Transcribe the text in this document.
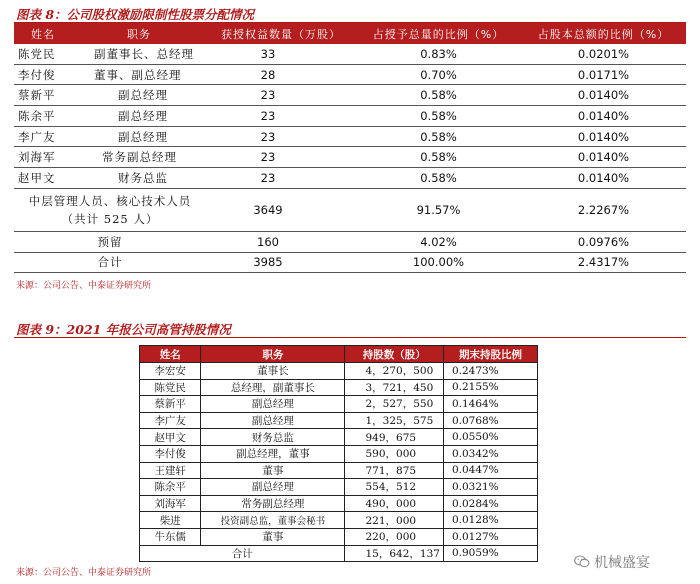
图表 8：公司股权激励限制性股票分配情况
姓名	职务	获授权益数量（万股）	占授予总量的比例（%）	占股本总额的比例（%）
陈党民	副董事长、总经理	33	0.83%	0.0201%
李付俊	董事、副总经理	28	0.70%	0.0171%
蔡新平	副总经理	23	0.58%	0.0140%
陈余平	副总经理	23	0.58%	0.0140%
李广友	副总经理	23	0.58%	0.0140%
刘海军	常务副总经理	23	0.58%	0.0140%
赵甲文	财务总监	23	0.58%	0.0140%

中层管理人员、核心技术人员
（共计 525 人）		3649	91.57%	2.2267%
预留		160	4.02%	0.0976%
合计		3985	100.00%	2.4317%
来源：公司公告、中泰证券研究所
图表 9：2021 年报公司高管持股情况
姓名	职务	持股数（股）	期末持股比例
李宏安	董事长	4，270，500	0.2473%
陈党民	总经理，副董事长	3，721，450	0.2155%
蔡新平	副总经理	2，527，550	0.1464%
李广友	副总经理	1，325，575	0.0768%
赵甲文	财务总监	949，675	0.0550%
李付俊	副总经理，董事	590，000	0.0342%
王建轩	董事	771，875	0.0447%
陈余平	副总经理	554，512	0.0321%
刘海军	常务副总经理	490，000	0.0284%
柴进	投资副总监，董事会秘书	221，000	0.0128%
牛东儒	董事	220，000	0.0127%
合计		15，642，137	0.9059%
来源：公司公告、中泰证券研究所
机械盛宴
